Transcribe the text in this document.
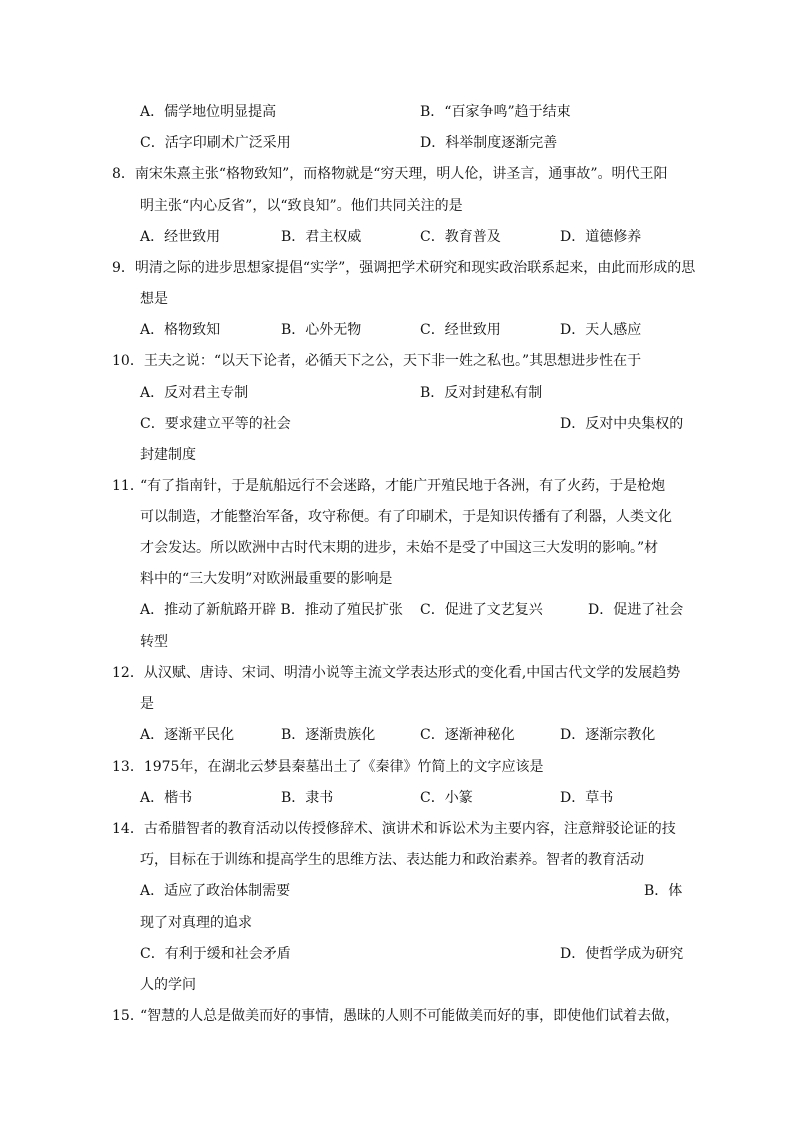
A．儒学地位明显提高	B．“百家争鸣”趋于结束
C．活字印刷术广泛采用	D．科举制度逐渐完善
8．南宋朱熹主张“格物致知”，而格物就是“穷天理，明人伦，讲圣言，通事故”。明代王阳
明主张“内心反省”，以“致良知”。他们共同关注的是
A．经世致用	B．君主权威	C．教育普及	D．道德修养
9．明清之际的进步思想家提倡“实学”，强调把学术研究和现实政治联系起来，由此而形成的思
想是
A．格物致知	B．心外无物	C．经世致用	D．天人感应
10．王夫之说：“以天下论者，必循天下之公，天下非一姓之私也。”其思想进步性在于
A．反对君主专制	B．反对封建私有制
C．要求建立平等的社会	D．反对中央集权的
封建制度
11．
“有了指南针，于是航船远行不会迷路，才能广开殖民地于各洲，有了火药，于是枪炮
可以制造，才能整治军备，攻守称便。有了印刷术，于是知识传播有了利器，人类文化
才会发达。所以欧洲中古时代末期的进步，未始不是受了中国这三大发明的影响。”材
料中的“三大发明”对欧洲最重要的影响是
A．推动了新航路开辟 B．推动了殖民扩张 C．促进了文艺复兴	D．促进了社会
转型
12．从汉赋、唐诗、宋词、明清小说等主流文学表达形式的变化看,中国古代文学的发展趋势
是
A．逐渐平民化	B．逐渐贵族化	C．逐渐神秘化	D．逐渐宗教化
13．1975年，在湖北云梦县秦墓出土了《秦律》竹简上的文字应该是
A．楷书	B．隶书	C．小篆	D．草书
14．古希腊智者的教育活动以传授修辞术、演讲术和诉讼术为主要内容，注意辩驳论证的技
巧，目标在于训练和提高学生的思维方法、表达能力和政治素养。智者的教育活动
A．适应了政治体制需要	B．体
现了对真理的追求
C．有利于缓和社会矛盾	D．使哲学成为研究
人的学问
15．
“智慧的人总是做美而好的事情，愚昧的人则不可能做美而好的事，即使他们试着去做，
